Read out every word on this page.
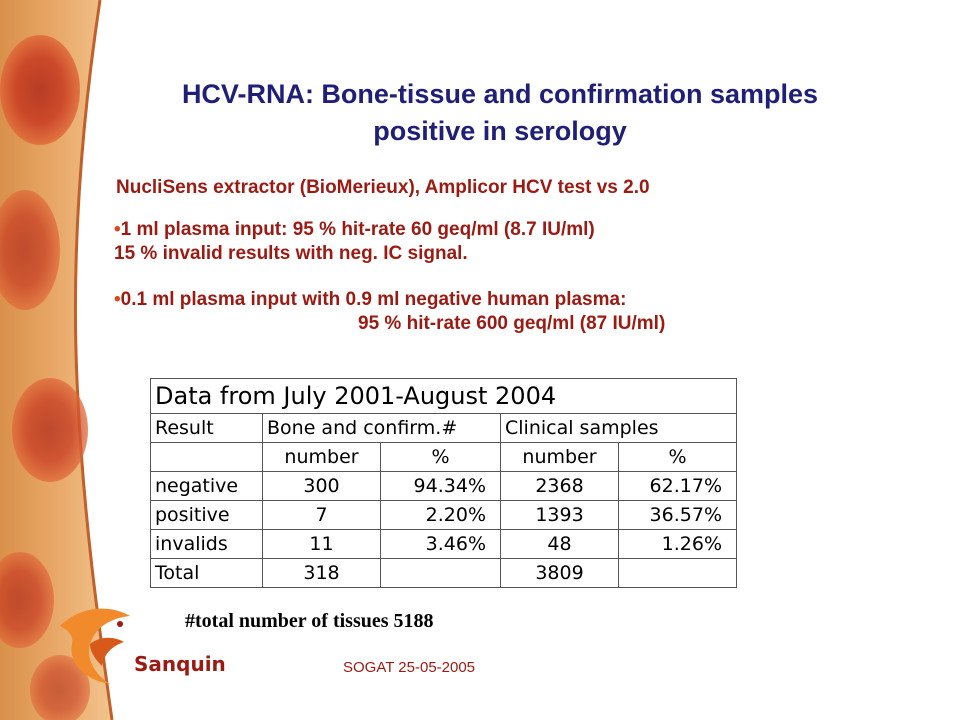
Sanquin
HCV-RNA: Bone-tissue and confirmation samples
positive in serology
NucliSens extractor (BioMerieux), Amplicor HCV test vs 2.0
•1 ml plasma input: 95 % hit-rate 60 geq/ml (8.7 IU/ml)
15 % invalid results with neg. IC signal.
•0.1 ml plasma input with 0.9 ml negative human plasma:
95 % hit-rate 600 geq/ml (87 IU/ml)
Data from July 2001-August 2004				
Result	Bone and confirm.#		Clinical samples	
	number	%	number	%
negative	300	94.34%	2368	62.17%
positive	7	2.20%	1393	36.57%
invalids	11	3.46%	48	1.26%
Total	318		3809	
#total number of tissues 5188
SOGAT 25-05-2005
